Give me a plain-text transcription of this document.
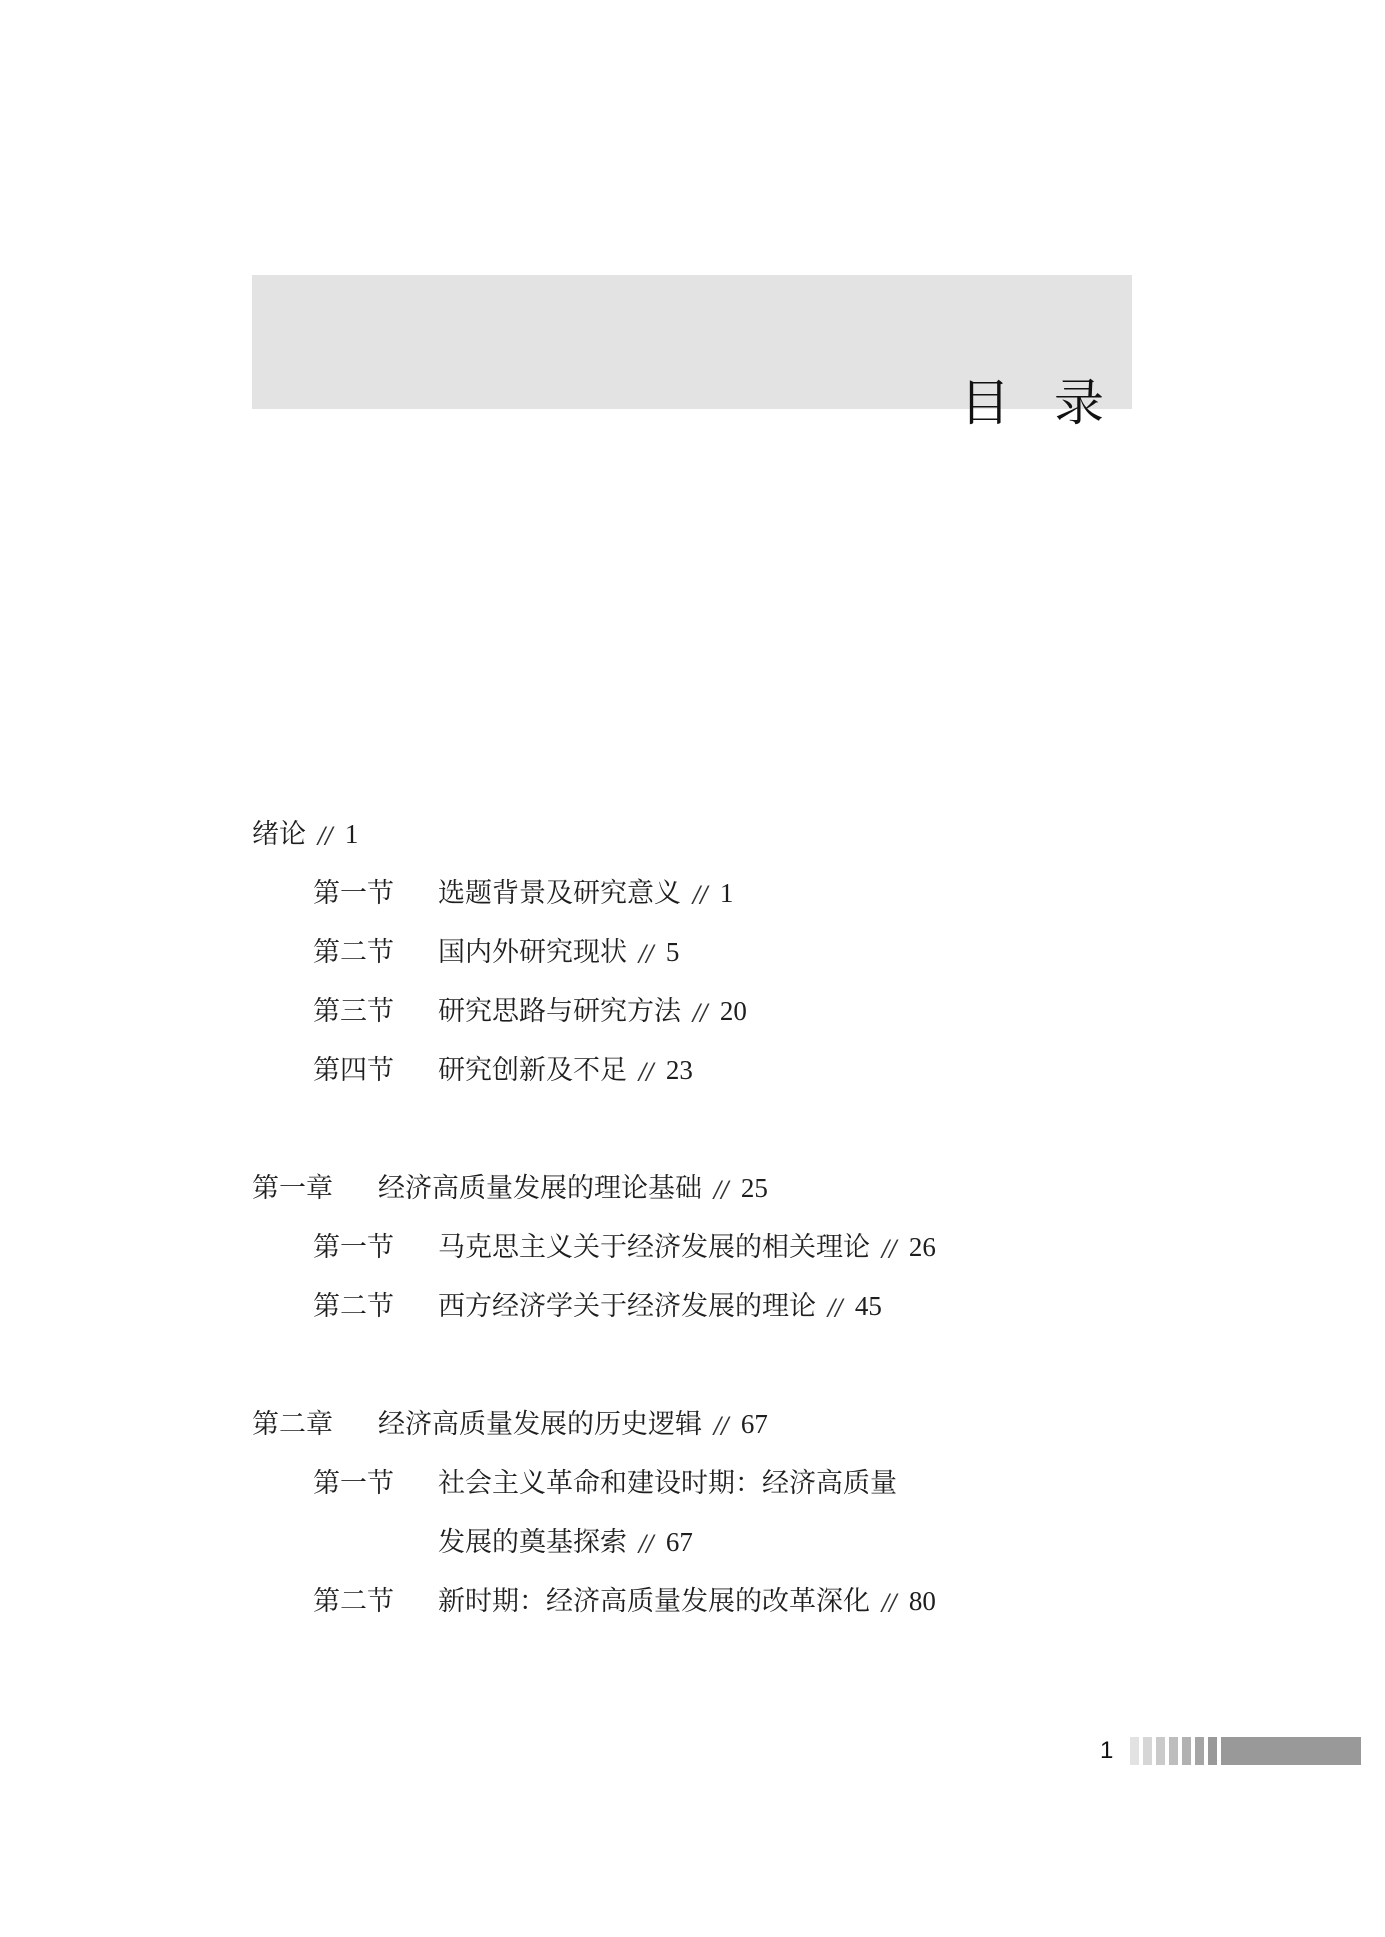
目录
绪论 // 1
第一节	选题背景及研究意义 // 1
第二节	国内外研究现状 // 5
第三节	研究思路与研究方法 // 20
第四节	研究创新及不足 // 23
第一章	经济高质量发展的理论基础 // 25
第一节	马克思主义关于经济发展的相关理论 // 26
第二节	西方经济学关于经济发展的理论 // 45
第二章	经济高质量发展的历史逻辑 // 67
第一节	社会主义革命和建设时期：经济高质量
发展的奠基探索 // 67
第二节	新时期：经济高质量发展的改革深化 // 80
1
